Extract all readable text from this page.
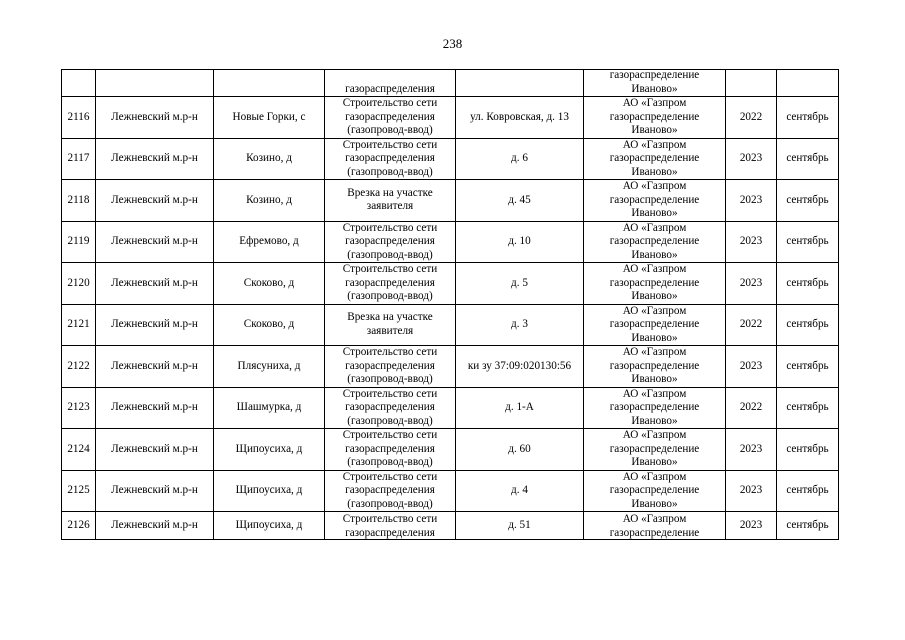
238

			газораспределения		газораспределение
Иваново»		

2116	Лежневский м.р-н	Новые Горки, с	Строительство сети
газораспределения
(газопровод-ввод)	ул. Ковровская, д. 13	АО «Газпром
газораспределение
Иваново»	2022	сентябрь
2117	Лежневский м.р-н	Козино, д	Строительство сети
газораспределения
(газопровод-ввод)	д. 6	АО «Газпром
газораспределение
Иваново»	2023	сентябрь
2118	Лежневский м.р-н	Козино, д	Врезка на участке
заявителя	д. 45	АО «Газпром
газораспределение
Иваново»	2023	сентябрь
2119	Лежневский м.р-н	Ефремово, д	Строительство сети
газораспределения
(газопровод-ввод)	д. 10	АО «Газпром
газораспределение
Иваново»	2023	сентябрь
2120	Лежневский м.р-н	Скоково, д	Строительство сети
газораспределения
(газопровод-ввод)	д. 5	АО «Газпром
газораспределение
Иваново»	2023	сентябрь
2121	Лежневский м.р-н	Скоково, д	Врезка на участке
заявителя	д. 3	АО «Газпром
газораспределение
Иваново»	2022	сентябрь
2122	Лежневский м.р-н	Плясуниха, д	Строительство сети
газораспределения
(газопровод-ввод)	ки зу 37:09:020130:56	АО «Газпром
газораспределение
Иваново»	2023	сентябрь
2123	Лежневский м.р-н	Шашмурка, д	Строительство сети
газораспределения
(газопровод-ввод)	д. 1-А	АО «Газпром
газораспределение
Иваново»	2022	сентябрь
2124	Лежневский м.р-н	Щипоусиха, д	Строительство сети
газораспределения
(газопровод-ввод)	д. 60	АО «Газпром
газораспределение
Иваново»	2023	сентябрь
2125	Лежневский м.р-н	Щипоусиха, д	Строительство сети
газораспределения
(газопровод-ввод)	д. 4	АО «Газпром
газораспределение
Иваново»	2023	сентябрь
2126	Лежневский м.р-н	Щипоусиха, д	Строительство сети
газораспределения	д. 51	АО «Газпром
газораспределение	2023	сентябрь
